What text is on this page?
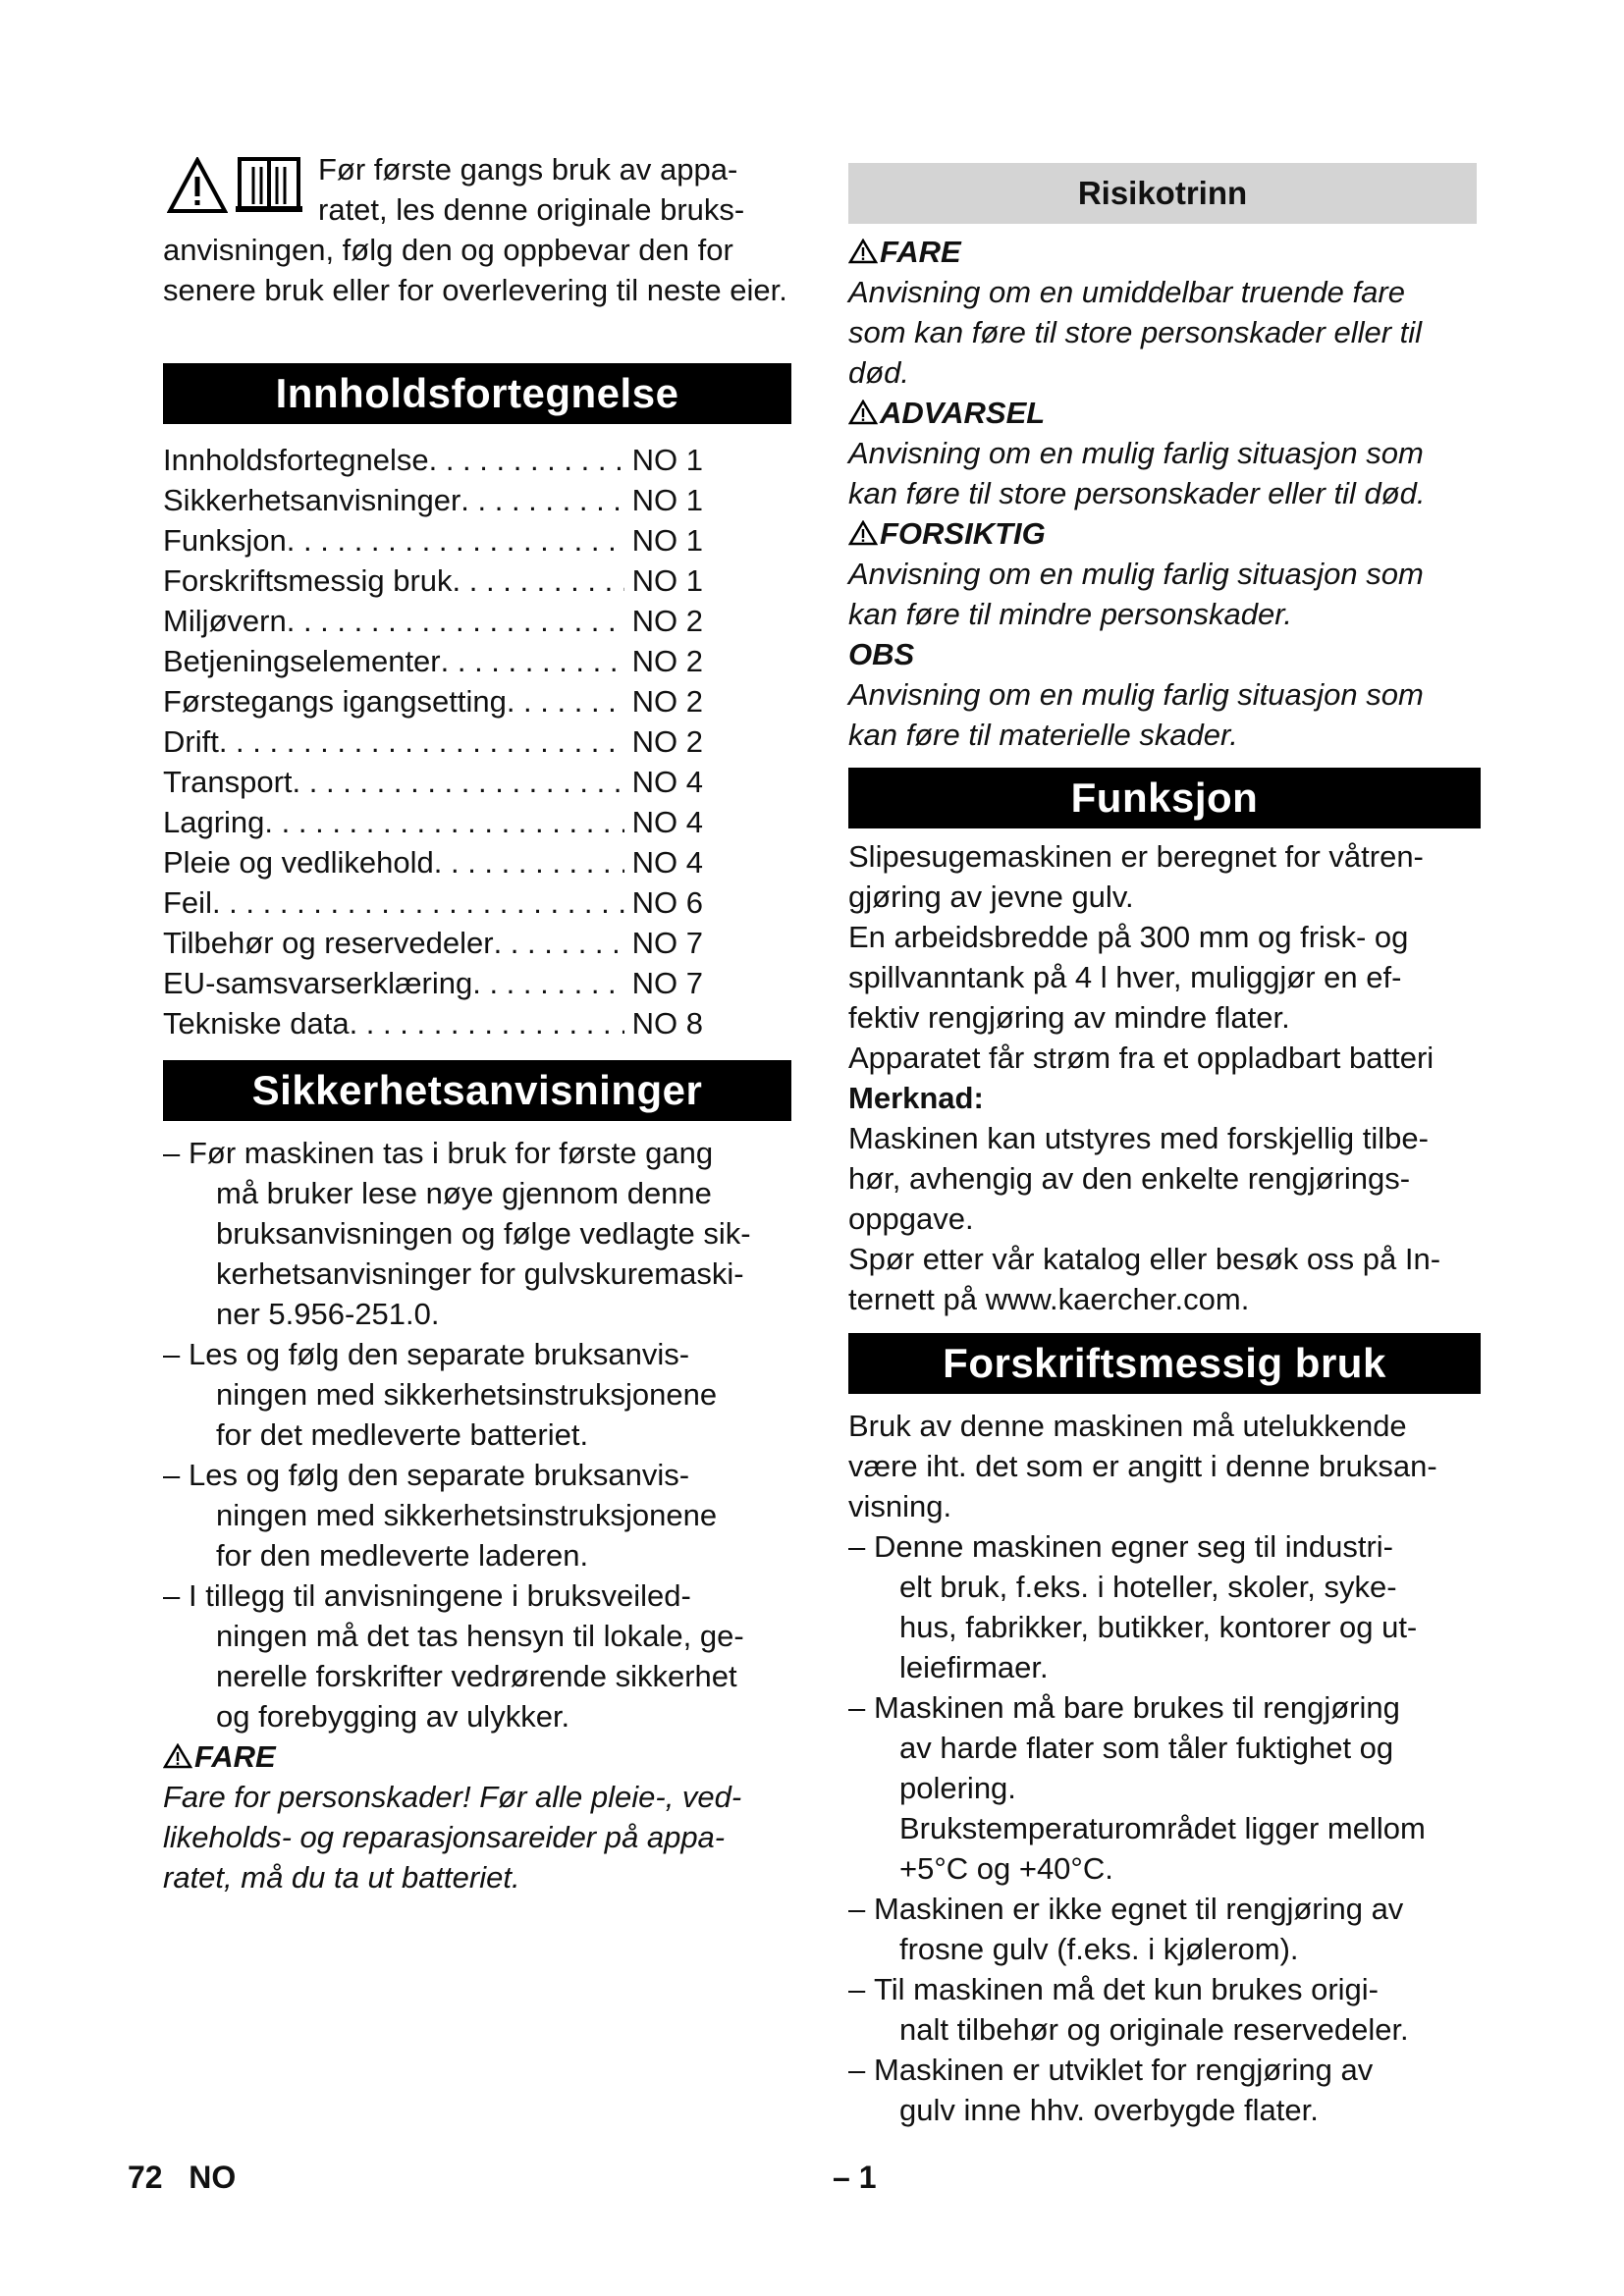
Før første gangs bruk av appa-
ratet, les denne originale bruks-
anvisningen, følg den og oppbevar den for senere bruk eller for overlevering til neste eier.
Innholdsfortegnelse
Innholdsfortegnelse . . .	NO 1
Sikkerhetsanvisninger . . .	NO 1
Funksjon . . .	NO 1
Forskriftsmessig bruk . . .	NO 1
Miljøvern . . .	NO 2
Betjeningselementer . . .	NO 2
Førstegangs igangsetting . . .	NO 2
Drift . . .	NO 2
Transport . . .	NO 4
Lagring . . .	NO 4
Pleie og vedlikehold . . .	NO 4
Feil . . .	NO 6
Tilbehør og reservedeler . . .	NO 7
EU-samsvarserklæring . . .	NO 7
Tekniske data . . .	NO 8
Sikkerhetsanvisninger
– Før maskinen tas i bruk for første gang
må bruker lese nøye gjennom denne
bruksanvisningen og følge vedlagte sik-
kerhetsanvisninger for gulvskuremaski-
ner 5.956-251.0.
– Les og følg den separate bruksanvis-
ningen med sikkerhetsinstruksjonene
for det medleverte batteriet.
– Les og følg den separate bruksanvis-
ningen med sikkerhetsinstruksjonene
for den medleverte laderen.
– I tillegg til anvisningene i bruksveiled-
ningen må det tas hensyn til lokale, ge-
nerelle forskrifter vedrørende sikkerhet
og forebygging av ulykker.
FARE
Fare for personskader! Før alle pleie-, ved-
likeholds- og reparasjonsareider på appa-
ratet, må du ta ut batteriet.
72 NO
Risikotrinn
FARE
Anvisning om en umiddelbar truende fare
som kan føre til store personskader eller til
død.
ADVARSEL
Anvisning om en mulig farlig situasjon som
kan føre til store personskader eller til død.
FORSIKTIG
Anvisning om en mulig farlig situasjon som
kan føre til mindre personskader.
OBS
Anvisning om en mulig farlig situasjon som
kan føre til materielle skader.
Funksjon
Slipesugemaskinen er beregnet for våtren-
gjøring av jevne gulv.
En arbeidsbredde på 300 mm og frisk- og
spillvanntank på 4 l hver, muliggjør en ef-
fektiv rengjøring av mindre flater.
Apparatet får strøm fra et oppladbart batteri
Merknad:
Maskinen kan utstyres med forskjellig tilbe-
hør, avhengig av den enkelte rengjørings-
oppgave.
Spør etter vår katalog eller besøk oss på In-
ternett på www.kaercher.com.
Forskriftsmessig bruk
Bruk av denne maskinen må utelukkende
være iht. det som er angitt i denne bruksan-
visning.
– Denne maskinen egner seg til industri-
elt bruk, f.eks. i hoteller, skoler, syke-
hus, fabrikker, butikker, kontorer og ut-
leiefirmaer.
– Maskinen må bare brukes til rengjøring
av harde flater som tåler fuktighet og
polering.
Brukstemperaturområdet ligger mellom
+5°C og +40°C.
– Maskinen er ikke egnet til rengjøring av
frosne gulv (f.eks. i kjølerom).
– Til maskinen må det kun brukes origi-
nalt tilbehør og originale reservedeler.
– Maskinen er utviklet for rengjøring av
gulv inne hhv. overbygde flater.
– 1
